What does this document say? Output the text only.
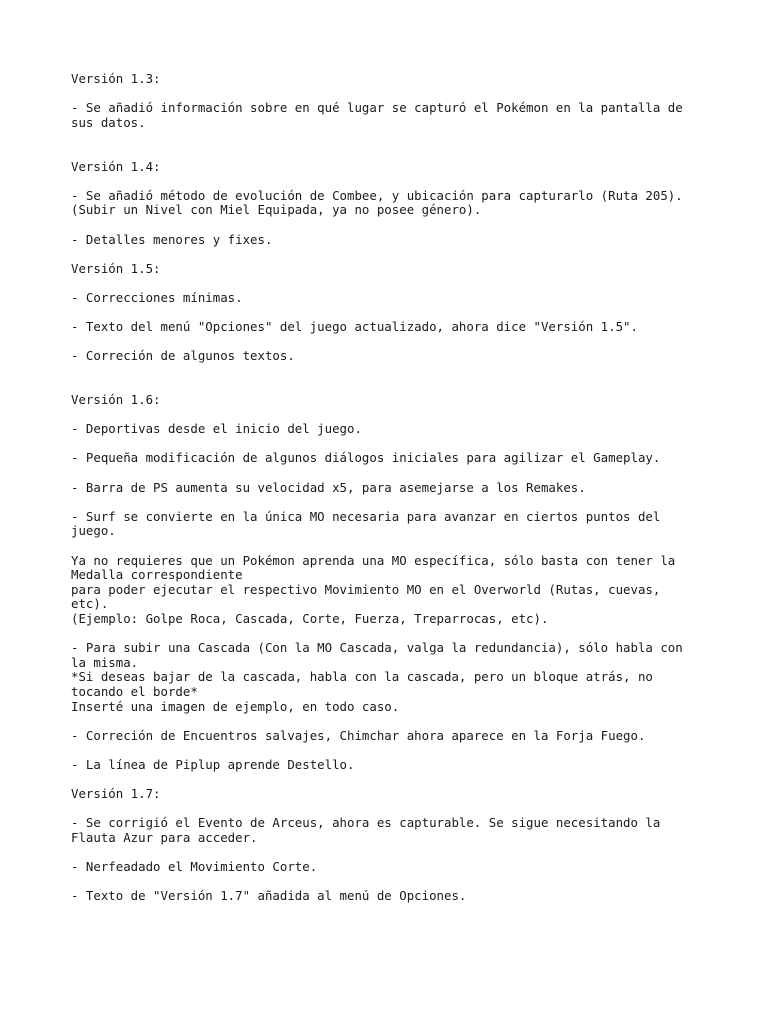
Versión 1.3:

- Se añadió información sobre en qué lugar se capturó el Pokémon en la pantalla de
sus datos.

Versión 1.4:

- Se añadió método de evolución de Combee, y ubicación para capturarlo (Ruta 205).
(Subir un Nivel con Miel Equipada, ya no posee género).

- Detalles menores y fixes.

Versión 1.5:

- Correcciones mínimas.

- Texto del menú "Opciones" del juego actualizado, ahora dice "Versión 1.5".

- Correción de algunos textos.

Versión 1.6:

- Deportivas desde el inicio del juego.

- Pequeña modificación de algunos diálogos iniciales para agilizar el Gameplay.

- Barra de PS aumenta su velocidad x5, para asemejarse a los Remakes.

- Surf se convierte en la única MO necesaria para avanzar en ciertos puntos del
juego.

Ya no requieres que un Pokémon aprenda una MO específica, sólo basta con tener la
Medalla correspondiente
para poder ejecutar el respectivo Movimiento MO en el Overworld (Rutas, cuevas,
etc).
(Ejemplo: Golpe Roca, Cascada, Corte, Fuerza, Treparrocas, etc).

- Para subir una Cascada (Con la MO Cascada, valga la redundancia), sólo habla con
la misma.
*Si deseas bajar de la cascada, habla con la cascada, pero un bloque atrás, no
tocando el borde*
Inserté una imagen de ejemplo, en todo caso.

- Correción de Encuentros salvajes, Chimchar ahora aparece en la Forja Fuego.

- La línea de Piplup aprende Destello.

Versión 1.7:

- Se corrigió el Evento de Arceus, ahora es capturable. Se sigue necesitando la
Flauta Azur para acceder.

- Nerfeadado el Movimiento Corte.

- Texto de "Versión 1.7" añadida al menú de Opciones.
